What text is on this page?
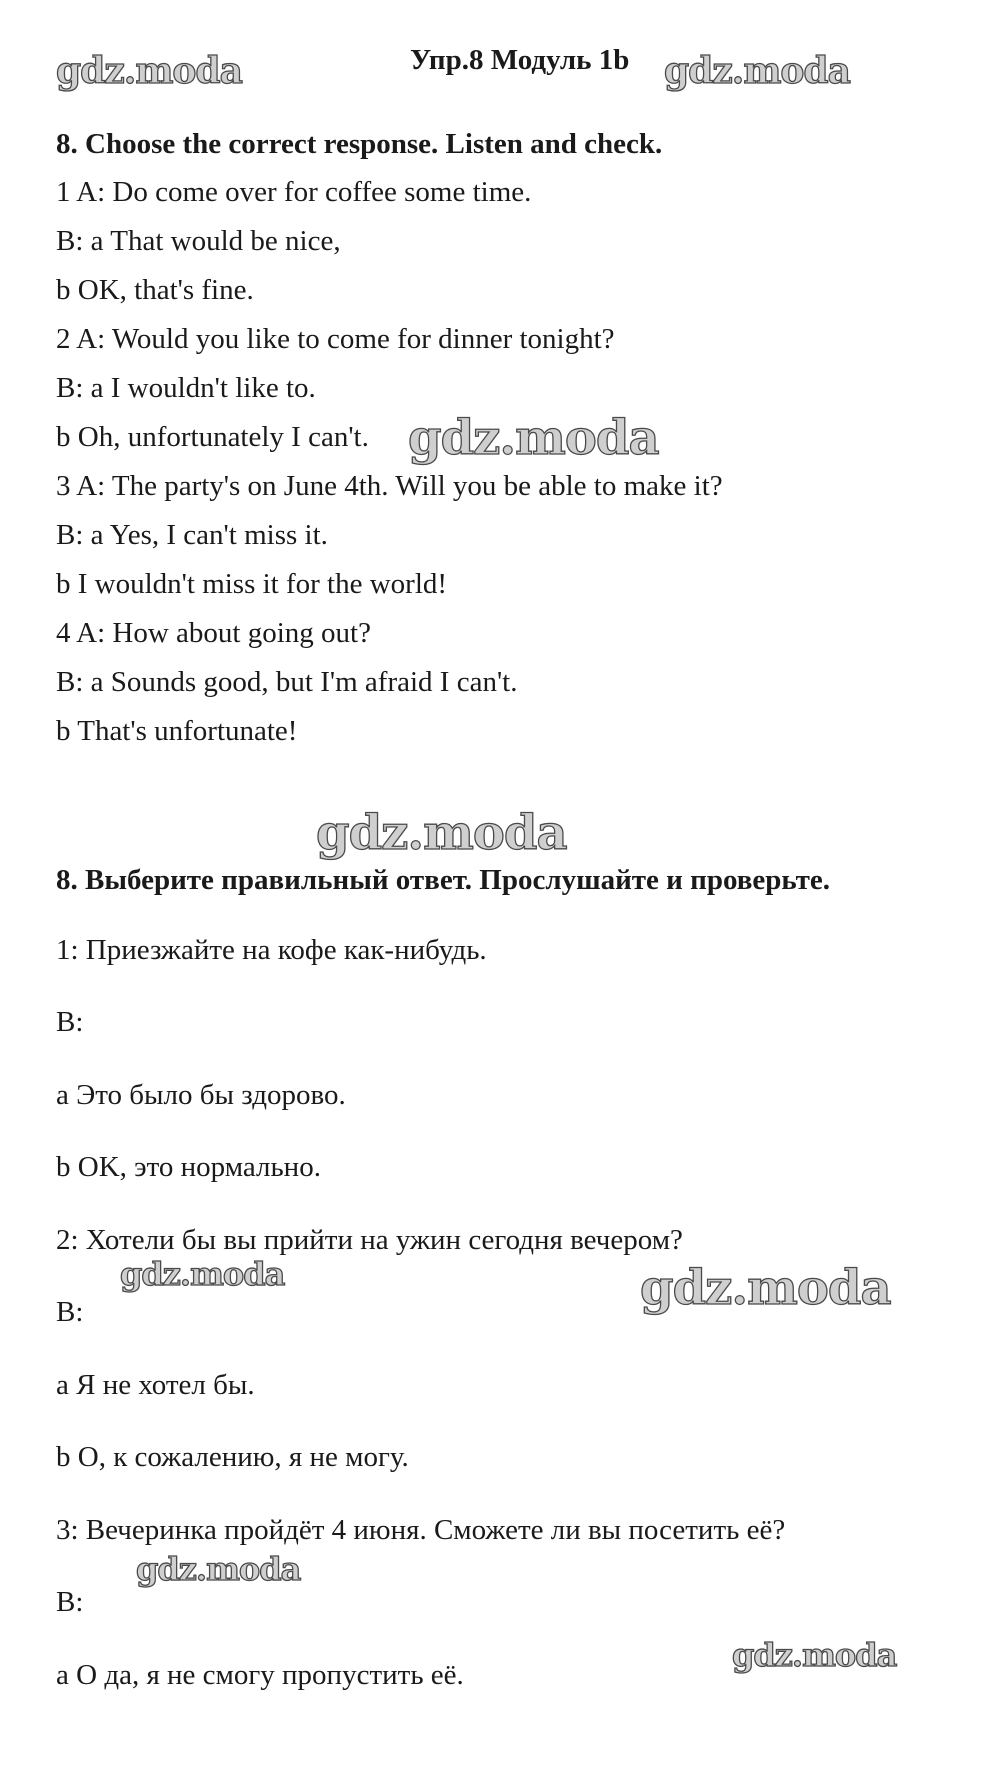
gdz.moda	Упр.8 Модуль 1b gdz.moda
8. Choose the correct response. Listen and check.
1 A: Do come over for coffee some time.
B: a That would be nice,
b OK, that's fine.
2 A: Would you like to come for dinner tonight?
B: a I wouldn't like to.
b Oh, unfortunately I can't. gdz.moda
3 A: The party's on June 4th. Will you be able to make it?
B: a Yes, I can't miss it.
b I wouldn't miss it for the world!
4 A: How about going out?
B: a Sounds good, but I'm afraid I can't.
b That's unfortunate!
gdz.moda
8. Выберите правильный ответ. Прослушайте и проверьте.
1: Приезжайте на кофе как-нибудь.
B:
a Это было бы здорово.
b OK, это нормально.
2: Хотели бы вы прийти на ужин сегодня вечером?
gdz.moda	gdz.moda
B:
a Я не хотел бы.
b О, к сожалению, я не могу.
3: Вечеринка пройдёт 4 июня. Сможете ли вы посетить её?
gdz.moda
B:
gdz.moda
a О да, я не смогу пропустить её.
